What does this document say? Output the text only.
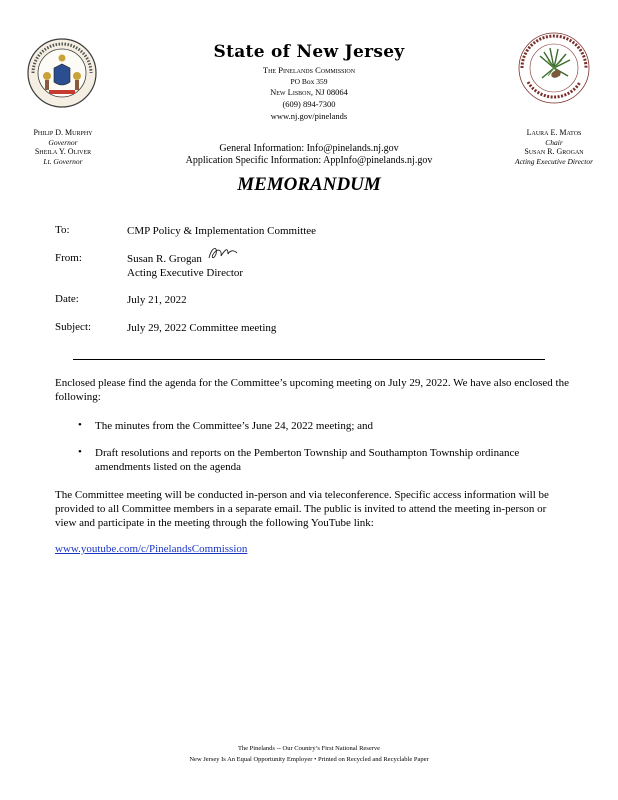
State of New Jersey
The Pinelands Commission
PO Box 359
New Lisbon, NJ 08064
(609) 894-7300
www.nj.gov/pinelands
Philip D. Murphy
Governor
Sheila Y. Oliver
Lt. Governor
Laura E. Matos
Chair
Susan R. Grogan
Acting Executive Director
General Information: Info@pinelands.nj.gov
Application Specific Information: AppInfo@pinelands.nj.gov
MEMORANDUM
To:	CMP Policy & Implementation Committee
From:	Susan R. Grogan
Acting Executive Director
Date:	July 21, 2022
Subject:	July 29, 2022 Committee meeting
Enclosed please find the agenda for the Committee’s upcoming meeting on July 29, 2022. We have also enclosed the following:
• The minutes from the Committee’s June 24, 2022 meeting; and
• Draft resolutions and reports on the Pemberton Township and Southampton Township ordinance amendments listed on the agenda
The Committee meeting will be conducted in-person and via teleconference. Specific access information will be provided to all Committee members in a separate email. The public is invited to attend the meeting in-person or view and participate in the meeting through the following YouTube link:
www.youtube.com/c/PinelandsCommission
The Pinelands -- Our Country’s First National Reserve
New Jersey Is An Equal Opportunity Employer • Printed on Recycled and Recyclable Paper
